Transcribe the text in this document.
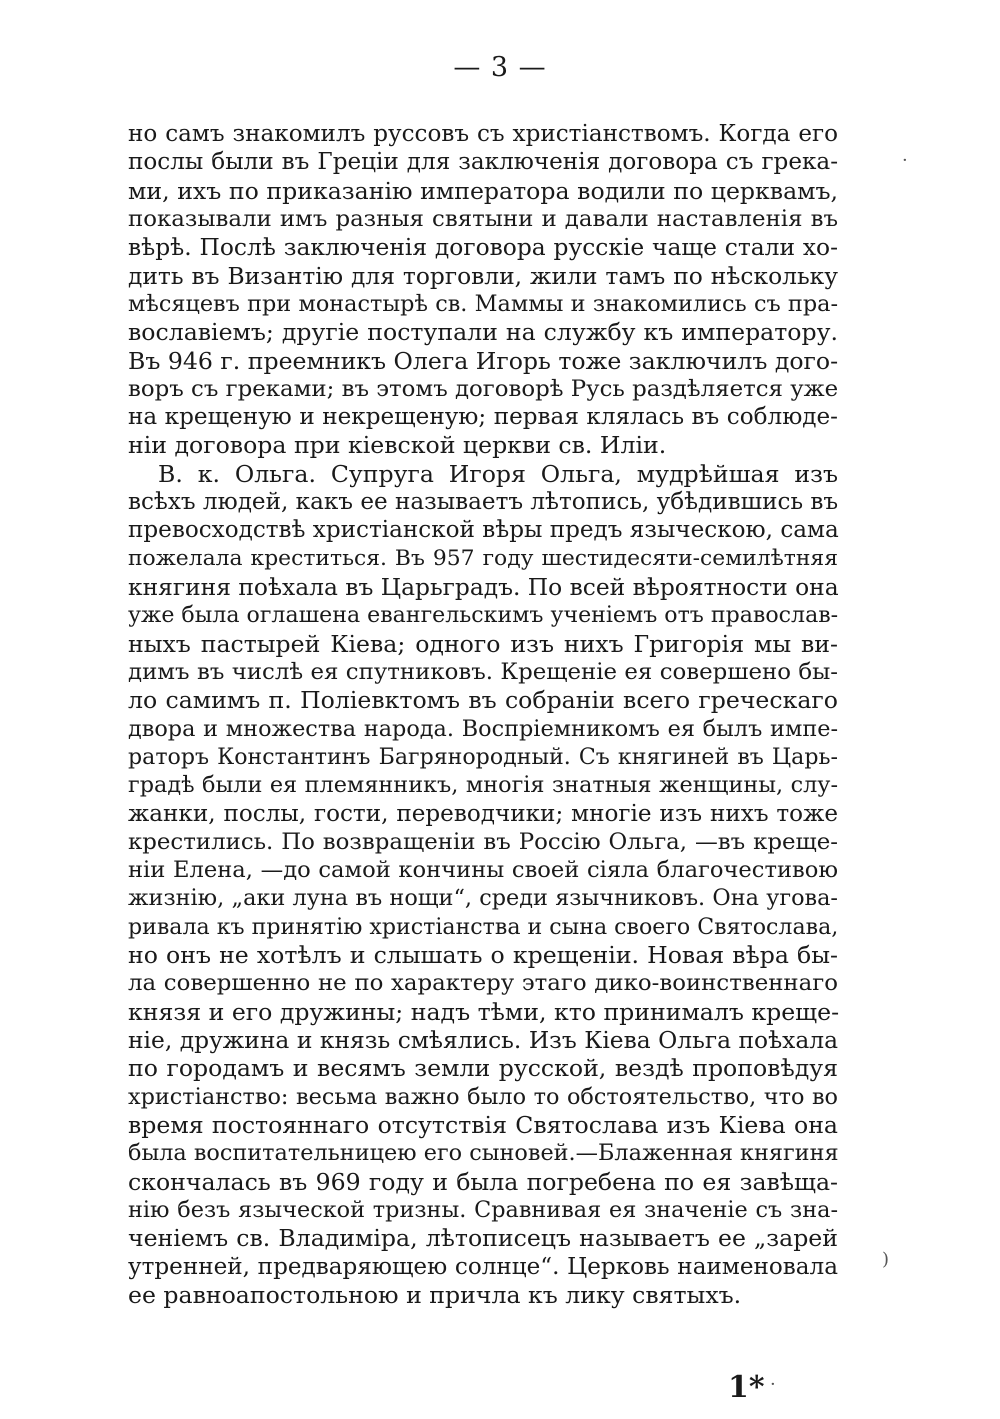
— 3 —
но самъ знакомилъ руссовъ съ христіанствомъ. Когда его
послы были въ Греціи для заключенія договора съ грека-
ми, ихъ по приказанію императора водили по церквамъ,
показывали имъ разныя святыни и давали наставленія въ
вѣрѣ. Послѣ заключенія договора русскіе чаще стали хо-
дить въ Византію для торговли, жили тамъ по нѣскольку
мѣсяцевъ при монастырѣ св. Маммы и знакомились съ пра-
вославіемъ; другіе поступали на службу къ императору.
Въ 946 г. преемникъ Олега Игорь тоже заключилъ дого-
воръ съ греками; въ этомъ договорѣ Русь раздѣляется уже
на крещеную и некрещеную; первая клялась въ соблюде-
ніи договора при кіевской церкви св. Иліи.
В. к. Ольга. Супруга Игоря Ольга, мудрѣйшая изъ
всѣхъ людей, какъ ее называетъ лѣтопись, убѣдившись въ
превосходствѣ христіанской вѣры предъ языческою, сама
пожелала креститься. Въ 957 году шестидесяти-семилѣтняя
княгиня поѣхала въ Царьградъ. По всей вѣроятности она
уже была оглашена евангельскимъ ученіемъ отъ православ-
ныхъ пастырей Кіева; одного изъ нихъ Григорія мы ви-
димъ въ числѣ ея спутниковъ. Крещеніе ея совершено бы-
ло самимъ п. Поліевктомъ въ собраніи всего греческаго
двора и множества народа. Воспріемникомъ ея былъ импе-
раторъ Константинъ Багрянородный. Съ княгиней въ Царь-
градѣ были ея племянникъ, многія знатныя женщины, слу-
жанки, послы, гости, переводчики; многіе изъ нихъ тоже
крестились. По возвращеніи въ Россію Ольга, —въ креще-
ніи Елена, —до самой кончины своей сіяла благочестивою
жизнію, „аки луна въ нощи“, среди язычниковъ. Она угова-
ривала къ принятію христіанства и сына своего Святослава,
но онъ не хотѣлъ и слышать о крещеніи. Новая вѣра бы-
ла совершенно не по характеру этаго дико-воинственнаго
князя и его дружины; надъ тѣми, кто принималъ креще-
ніе, дружина и князь смѣялись. Изъ Кіева Ольга поѣхала
по городамъ и весямъ земли русской, вездѣ проповѣдуя
христіанство: весьма важно было то обстоятельство, что во
время постояннаго отсутствія Святослава изъ Кіева она
была воспитательницею его сыновей.—Блаженная княгиня
скончалась въ 969 году и была погребена по ея завѣща-
нію безъ языческой тризны. Сравнивая ея значеніе съ зна-
ченіемъ св. Владиміра, лѣтописецъ называетъ ее „зарей
утренней, предваряющею солнце“. Церковь наименовала
ее равноапостольною и причла къ лику святыхъ.
1*
·
)
·
